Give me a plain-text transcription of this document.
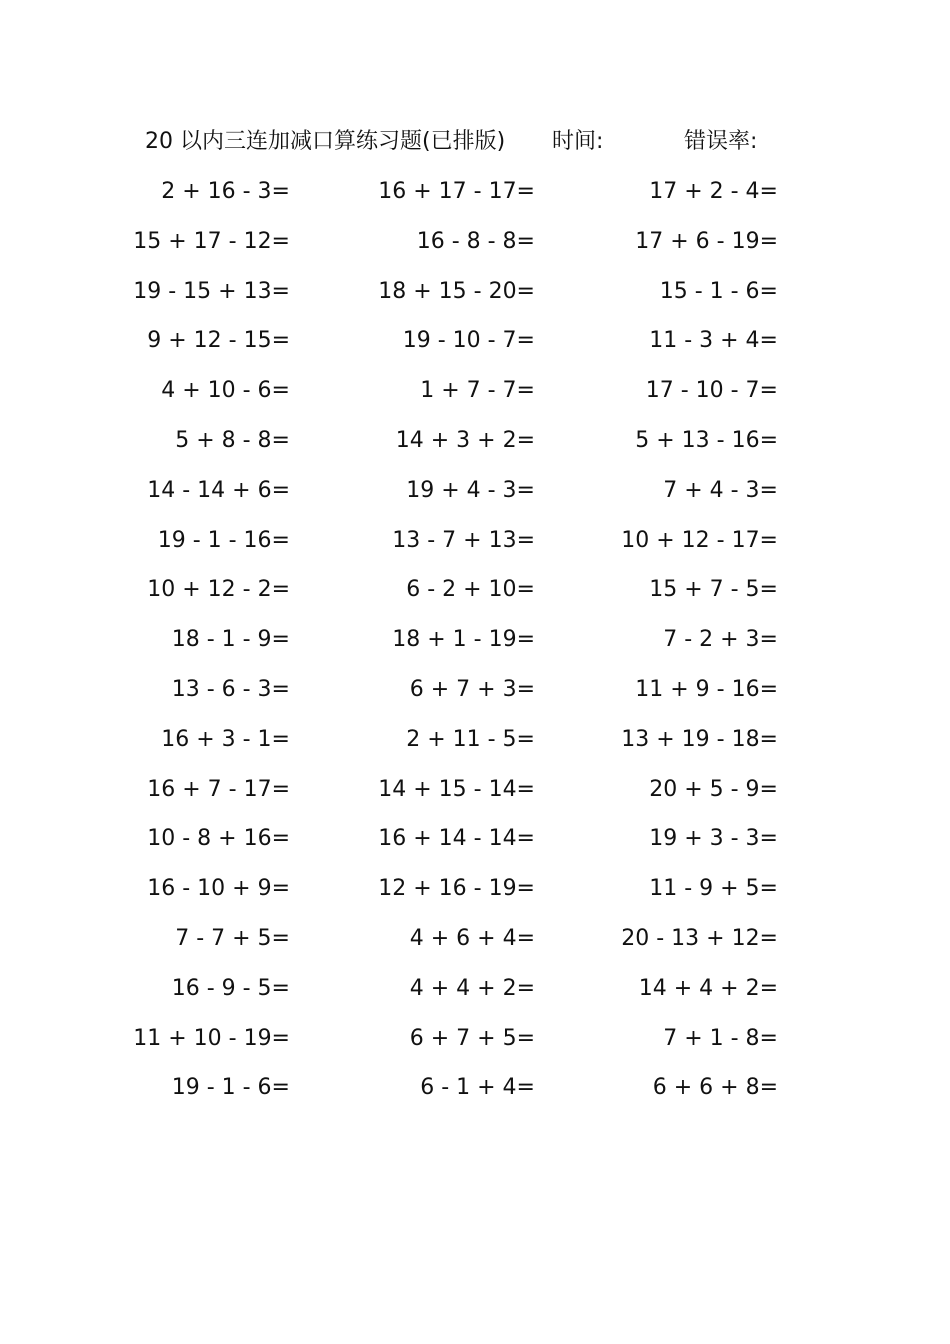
20 以内三连加减口算练习题(已排版) 时间:	错误率:
2 + 16 - 3=	16 + 17 - 17=	17 + 2 - 4=
15 + 17 - 12=	16 - 8 - 8=	17 + 6 - 19=
19 - 15 + 13=	18 + 15 - 20=	15 - 1 - 6=
9 + 12 - 15=	19 - 10 - 7=	11 - 3 + 4=
4 + 10 - 6=	1 + 7 - 7=	17 - 10 - 7=
5 + 8 - 8=	14 + 3 + 2=	5 + 13 - 16=
14 - 14 + 6=	19 + 4 - 3=	7 + 4 - 3=
19 - 1 - 16=	13 - 7 + 13=	10 + 12 - 17=
10 + 12 - 2=	6 - 2 + 10=	15 + 7 - 5=
18 - 1 - 9=	18 + 1 - 19=	7 - 2 + 3=
13 - 6 - 3=	6 + 7 + 3=	11 + 9 - 16=
16 + 3 - 1=	2 + 11 - 5=	13 + 19 - 18=
16 + 7 - 17=	14 + 15 - 14=	20 + 5 - 9=
10 - 8 + 16=	16 + 14 - 14=	19 + 3 - 3=
16 - 10 + 9=	12 + 16 - 19=	11 - 9 + 5=
7 - 7 + 5=	4 + 6 + 4=	20 - 13 + 12=
16 - 9 - 5=	4 + 4 + 2=	14 + 4 + 2=
11 + 10 - 19=	6 + 7 + 5=	7 + 1 - 8=
19 - 1 - 6=	6 - 1 + 4=	6 + 6 + 8=
